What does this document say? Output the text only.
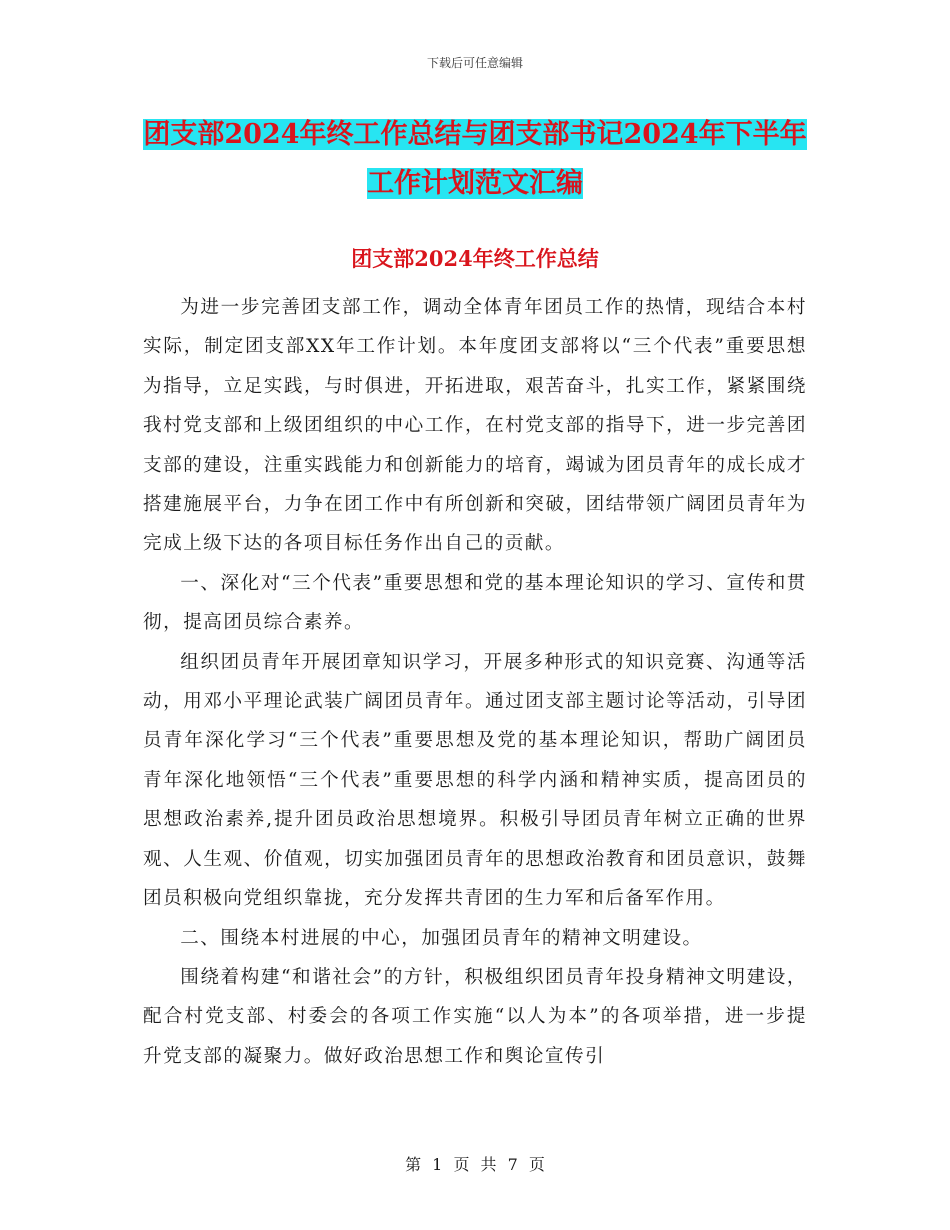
下载后可任意编辑
团支部2024年终工作总结与团支部书记2024年下半年工作计划范文汇编
团支部2024年终工作总结

为进一步完善团支部工作，调动全体青年团员工作的热情，现结合本村实际，制定团支部XX年工作计划。本年度团支部将以“三个代表”重要思想为指导，立足实践，与时俱进，开拓进取，艰苦奋斗，扎实工作，紧紧围绕我村党支部和上级团组织的中心工作，在村党支部的指导下，进一步完善团支部的建设，注重实践能力和创新能力的培育，竭诚为团员青年的成长成才搭建施展平台，力争在团工作中有所创新和突破，团结带领广阔团员青年为完成上级下达的各项目标任务作出自己的贡献。

一、深化对“三个代表”重要思想和党的基本理论知识的学习、宣传和贯彻，提高团员综合素养。

组织团员青年开展团章知识学习，开展多种形式的知识竞赛、沟通等活动，用邓小平理论武装广阔团员青年。通过团支部主题讨论等活动，引导团员青年深化学习“三个代表”重要思想及党的基本理论知识，帮助广阔团员青年深化地领悟“三个代表”重要思想的科学内涵和精神实质，提高团员的思想政治素养,提升团员政治思想境界。积极引导团员青年树立正确的世界观、人生观、价值观，切实加强团员青年的思想政治教育和团员意识，鼓舞团员积极向党组织靠拢，充分发挥共青团的生力军和后备军作用。

二、围绕本村进展的中心，加强团员青年的精神文明建设。

围绕着构建“和谐社会”的方针，积极组织团员青年投身精神文明建设，配合村党支部、村委会的各项工作实施“以人为本”的各项举措，进一步提升党支部的凝聚力。做好政治思想工作和舆论宣传引

第 1 页 共 7 页
